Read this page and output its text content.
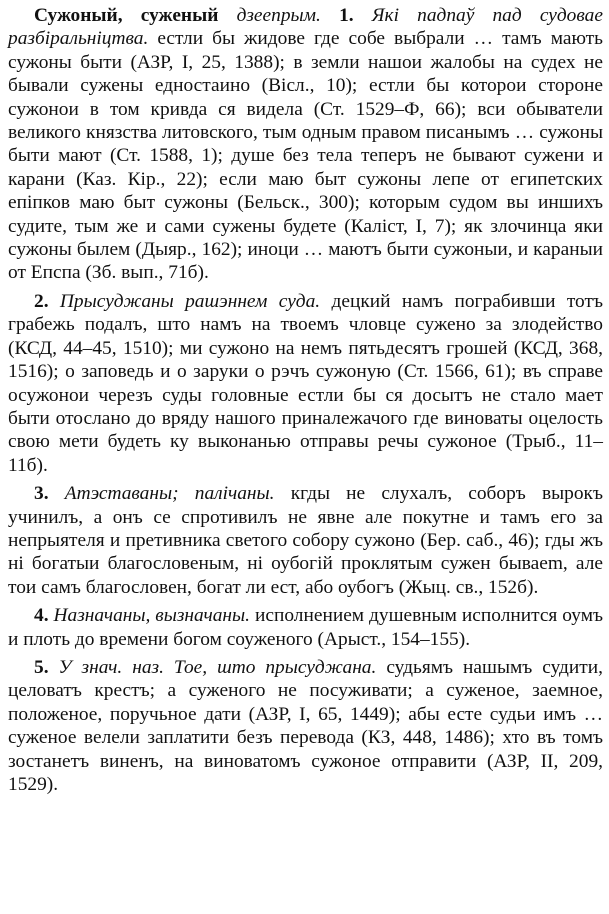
Сужоный, суженый дзеeпрым. 1. Які падпаў пад судовае разбіральніцтва. естли бы жидове где собе выбрали … тамъ мають сужоны быти (АЗР, I, 25, 1388); в земли нашои жалобы на судех не бывали сужены едностаино (Віcл., 10); естли бы которои стороне сужонои в том кривда ся видела (Ст. 1529–Ф, 66); вси обыватели великого князства литовского, тым одным правом писанымъ … сужоны быти мают (Ст. 1588, 1); душе без тела теперъ не бывают сужени и карани (Каз. Кір., 22); если маю быт сужоны лепе от египетских епіпков маю быт сужоны (Бельск., 300); которым судом вы иншихъ судите, тым же и сами сужены будете (Каліст, I, 7); як злочинца яки сужоны былем (Дыяр., 162); иноци … маютъ быти сужоныи, и караныи от Епспа (Зб. вып., 71б).

2. Прысуджаны рашэннем суда. децкий намъ пограбивши тотъ грабежь подалъ, што намъ на твоемъ чловце сужено за злодейство (КСД, 44–45, 1510); ми сужоно на немъ пятьдесятъ грошей (КСД, 368, 1516); о заповедь и о заруки о рэчъ сужоную (Ст. 1566, 61); въ справе осужонои черезъ суды головные естли бы ся досытъ не стало мает быти отослано до вряду нашого приналежачого где виноваты оцелость свою мети будеть ку выконанью отправы речы сужоное (Трыб., 11–11б).

3. Атэставаны; палічаны. кгды не слухалъ, соборъ вырокъ учинилъ, а онъ се спротивилъ не явне але покутне и тамъ его за непрыятеля и претивника светого собору сужоно (Бер. саб., 46); гды жъ ні богатыи благословеным, ні оубогій проклятым сужен бываеm, але тои самъ благословен, богат ли ест, або оубогъ (Жыц. св., 152б).

4. Назначаны, вызначаны. исполнением душевным исполнится оумъ и плоть до времени богом соуженого (Арыст., 154–155).

5. У знач. наз. Тое, што прысуджана. судьямъ нашымъ судити, целоватъ крестъ; а суженого не посуживати; а суженое, заемное, положеное, поручьное дати (АЗР, I, 65, 1449); абы есте судьи имъ … суженое велели заплатити безъ перевода (КЗ, 448, 1486); хто въ томъ зостанетъ виненъ, на виноватомъ сужоное отправити (АЗР, II, 209, 1529).
